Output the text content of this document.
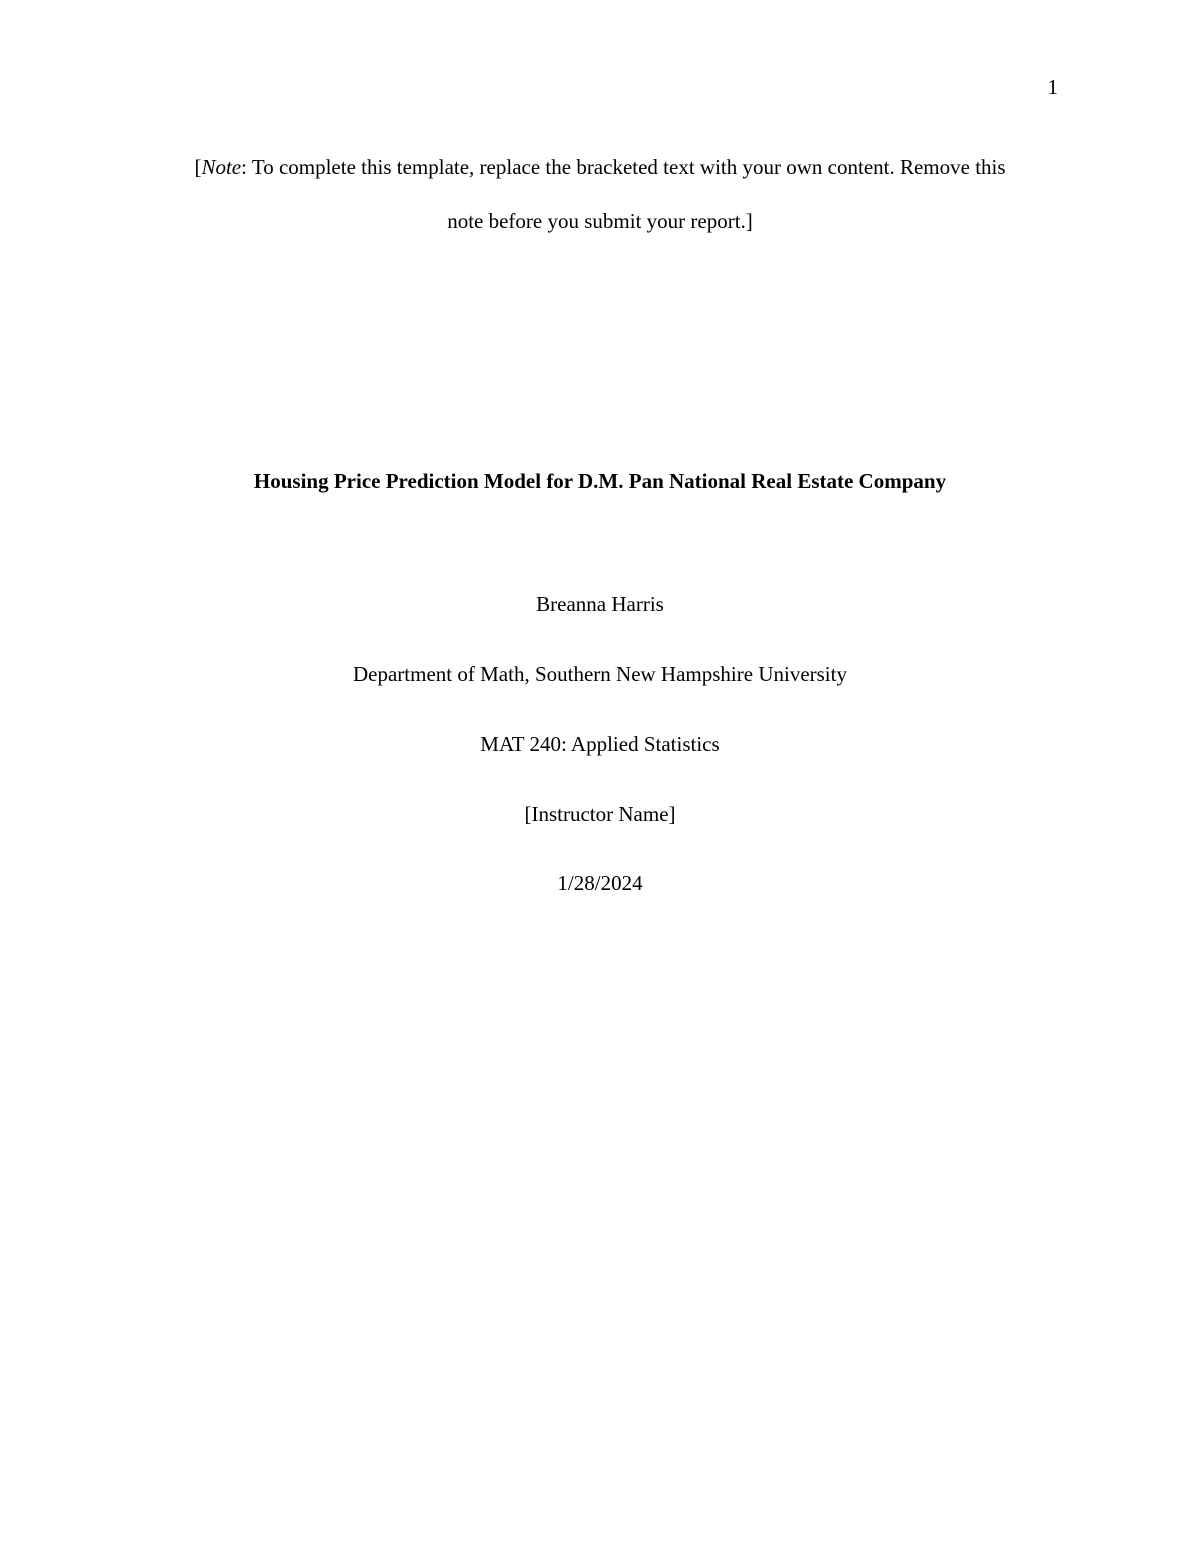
1
[Note: To complete this template, replace the bracketed text with your own content. Remove this
note before you submit your report.]

Housing Price Prediction Model for D.M. Pan National Real Estate Company

Breanna Harris
Department of Math, Southern New Hampshire University
MAT 240: Applied Statistics
[Instructor Name]
1/28/2024
